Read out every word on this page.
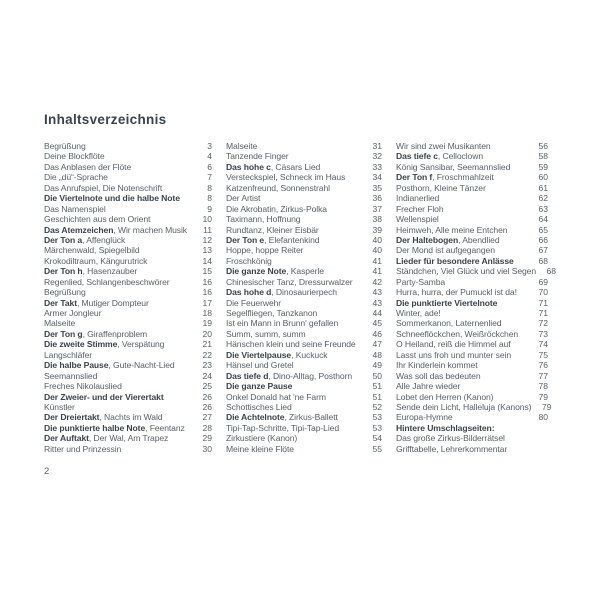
Inhaltsverzeichnis
Begrüßung	3
Deine Blockflöte	4
Das Anblasen der Flöte	6
Die „dü“-Sprache	7
Das Anrufspiel, Die Notenschrift	8
Die Viertelnote und die halbe Note	8
Das Namenspiel	9
Geschichten aus dem Orient	10
Das Atemzeichen, Wir machen Musik	11
Der Ton a, Affenglück	12
Märchenwald, Spiegelbild	13
Krokodiltraum, Kängurutrick	14
Der Ton h, Hasenzauber	15
Regenlied, Schlangenbeschwörer	16
Begrüßung	16
Der Takt, Mutiger Dompteur	17
Armer Jongleur	18
Malseite	19
Der Ton g, Giraffenproblem	20
Die zweite Stimme, Verspätung	21
Langschläfer	22
Die halbe Pause, Gute-Nacht-Lied	23
Seemannslied	24
Freches Nikolauslied	25
Der Zweier- und der Vierertakt	26
Künstler	26
Der Dreiertakt, Nachts im Wald	27
Die punktierte halbe Note, Feentanz	28
Der Auftakt, Der Wal, Am Trapez	29
Ritter und Prinzessin	30
Malseite	31
Tanzende Finger	32
Das hohe c, Cäsars Lied	33
Versteckspiel, Schneck im Haus	34
Katzenfreund, Sonnenstrahl	35
Der Artist	36
Die Akrobatin, Zirkus-Polka	37
Taximann, Hoffnung	38
Rundtanz, Kleiner Eisbär	39
Der Ton e, Elefantenkind	40
Hoppe, hoppe Reiter	40
Froschkönig	41
Die ganze Note, Kasperle	41
Chinesischer Tanz, Dressurwalzer	42
Das hohe d, Dinosaurierpech	43
Die Feuerwehr	43
Segelfliegen, Tanzkanon	44
Ist ein Mann in Brunn' gefallen	45
Summ, summ, summ	46
Hänschen klein und seine Freunde	47
Die Viertelpause, Kuckuck	48
Hänsel und Gretel	49
Das tiefe d, Dino-Alltag, Posthorn	50
Die ganze Pause	51
Onkel Donald hat 'ne Farm	51
Schottisches Lied	52
Die Achtelnote, Zirkus-Ballett	53
Tipi-Tap-Schritte, Tipi-Tap-Lied	53
Zirkustiere (Kanon)	54
Meine kleine Flöte	55
Wir sind zwei Musikanten	56
Das tiefe c, Celloclown	58
König Sansibar, Seemannslied	59
Der Ton f, Froschmahlzeit	60
Posthorn, Kleine Tänzer	61
Indianerlied	62
Frecher Floh	63
Wellenspiel	64
Heimweh, Alle meine Entchen	65
Der Haltebogen, Abendlied	66
Der Mond ist aufgegangen	67
Lieder für besondere Anlässe	68
Ständchen, Viel Glück und viel Segen	68
Party-Samba	69
Hurra, hurra, der Pumuckl ist da!	70
Die punktierte Viertelnote	71
Winter, ade!	71
Sommerkanon, Laternenlied	72
Schneeflöckchen, Weißröckchen	73
O Heiland, reiß die Himmel auf	74
Lasst uns froh und munter sein	75
Ihr Kinderlein kommet	76
Was soll das bedeuten	77
Alle Jahre wieder	78
Lobet den Herren (Kanon)	79
Sende dein Licht, Halleluja (Kanons)	79
Europa-Hymne	80
Hintere Umschlagseiten:
Das große Zirkus-Bilderrätsel
Grifftabelle, Lehrerkommentar
2
